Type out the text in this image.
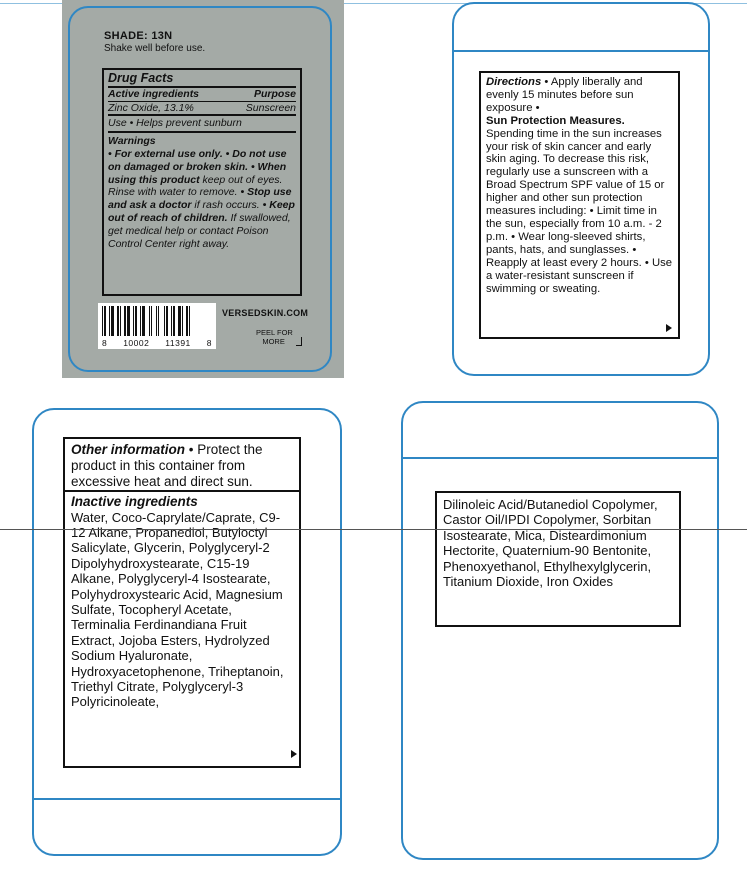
SHADE: 13N
Shake well before use.
Drug Facts
Active ingredients	Purpose
Zinc Oxide, 13.1%	Sunscreen
Use • Helps prevent sunburn
Warnings
• For external use only. • Do not use on damaged or broken skin. • When using this product keep out of eyes. Rinse with water to remove. • Stop use and ask a doctor if rash occurs. • Keep out of reach of children. If swallowed, get medical help or contact Poison Control Center right away.
8 10002 11391 8
VERSEDSKIN.COM
PEEL FOR
MORE
Directions • Apply liberally and evenly 15 minutes before sun exposure •
Sun Protection Measures.
Spending time in the sun increases your risk of skin cancer and early skin aging. To decrease this risk, regularly use a sunscreen with a Broad Spectrum SPF value of 15 or higher and other sun protection measures including: • Limit time in the sun, especially from 10 a.m. - 2 p.m. • Wear long-sleeved shirts, pants, hats, and sunglasses. • Reapply at least every 2 hours. • Use a water-resistant sunscreen if swimming or sweating.
Other information • Protect the product in this container from excessive heat and direct sun.
Inactive ingredients
Water, Coco-Caprylate/Caprate, C9-12 Alkane, Propanediol, Butyloctyl Salicylate, Glycerin, Polyglyceryl-2 Dipolyhydroxystearate, C15-19 Alkane, Polyglyceryl-4 Isostearate, Polyhydroxystearic Acid, Magnesium Sulfate, Tocopheryl Acetate, Terminalia Ferdinandiana Fruit Extract, Jojoba Esters, Hydrolyzed Sodium Hyaluronate, Hydroxyacetophenone, Triheptanoin, Triethyl Citrate, Polyglyceryl-3 Polyricinoleate,
Dilinoleic Acid/Butanediol Copolymer, Castor Oil/IPDI Copolymer, Sorbitan Isostearate, Mica, Disteardimonium Hectorite, Quaternium-90 Bentonite, Phenoxyethanol, Ethylhexylglycerin, Titanium Dioxide, Iron Oxides
